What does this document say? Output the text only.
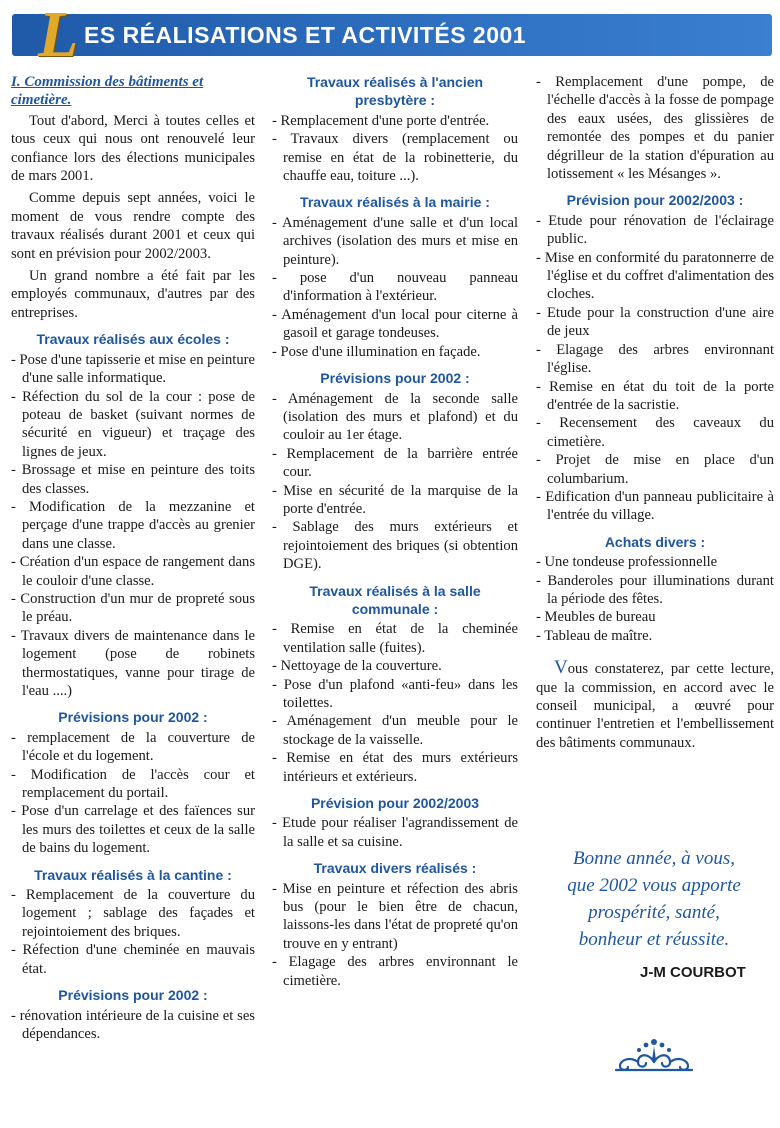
L ES RÉALISATIONS ET ACTIVITÉS 2001
I. Commission des bâtiments et cimetière.

Tout d'abord, Merci à toutes celles et tous ceux qui nous ont renouvelé leur confiance lors des élections municipales de mars 2001.

Comme depuis sept années, voici le moment de vous rendre compte des travaux réalisés durant 2001 et ceux qui sont en prévision pour 2002/2003.

Un grand nombre a été fait par les employés communaux, d'autres par des entreprises.

Travaux réalisés aux écoles :
- Pose d'une tapisserie et mise en peinture d'une salle informatique.
- Réfection du sol de la cour : pose de poteau de basket (suivant normes de sécurité en vigueur) et traçage des lignes de jeux.
- Brossage et mise en peinture des toits des classes.
- Modification de la mezzanine et perçage d'une trappe d'accès au grenier dans une classe.
- Création d'un espace de rangement dans le couloir d'une classe.
- Construction d'un mur de propreté sous le préau.
- Travaux divers de maintenance dans le logement (pose de robinets thermostatiques, vanne pour tirage de l'eau ....)
Prévisions pour 2002 :
- remplacement de la couverture de l'école et du logement.
- Modification de l'accès cour et remplacement du portail.
- Pose d'un carrelage et des faïences sur les murs des toilettes et ceux de la salle de bains du logement.
Travaux réalisés à la cantine :
- Remplacement de la couverture du logement ; sablage des façades et rejointoiement des briques.
- Réfection d'une cheminée en mauvais état.
Prévisions pour 2002 :
- rénovation intérieure de la cuisine et ses dépendances.
Travaux réalisés à l'ancien presbytère :
- Remplacement d'une porte d'entrée.
- Travaux divers (remplacement ou remise en état de la robinetterie, du chauffe eau, toiture ...).
Travaux réalisés à la mairie :
- Aménagement d'une salle et d'un local archives (isolation des murs et mise en peinture).
- pose d'un nouveau panneau d'information à l'extérieur.
- Aménagement d'un local pour citerne à gasoil et garage tondeuses.
- Pose d'une illumination en façade.
Prévisions pour 2002 :
- Aménagement de la seconde salle (isolation des murs et plafond) et du couloir au 1er étage.
- Remplacement de la barrière entrée cour.
- Mise en sécurité de la marquise de la porte d'entrée.
- Sablage des murs extérieurs et rejointoiement des briques (si obtention DGE).
Travaux réalisés à la salle communale :
- Remise en état de la cheminée ventilation salle (fuites).
- Nettoyage de la couverture.
- Pose d'un plafond «anti-feu» dans les toilettes.
- Aménagement d'un meuble pour le stockage de la vaisselle.
- Remise en état des murs extérieurs intérieurs et extérieurs.
Prévision pour 2002/2003
- Etude pour réaliser l'agrandissement de la salle et sa cuisine.
Travaux divers réalisés :
- Mise en peinture et réfection des abris bus (pour le bien être de chacun, laissons-les dans l'état de propreté qu'on trouve en y entrant)
- Elagage des arbres environnant le cimetière.
- Remplacement d'une pompe, de l'échelle d'accès à la fosse de pompage des eaux usées, des glissières de remontée des pompes et du panier dégrilleur de la station d'épuration au lotissement « les Mésanges ».
Prévision pour 2002/2003 :
- Etude pour rénovation de l'éclairage public.
- Mise en conformité du paratonnerre de l'église et du coffret d'alimentation des cloches.
- Etude pour la construction d'une aire de jeux
- Elagage des arbres environnant l'église.
- Remise en état du toit de la porte d'entrée de la sacristie.
- Recensement des caveaux du cimetière.
- Projet de mise en place d'un columbarium.
- Edification d'un panneau publicitaire à l'entrée du village.
Achats divers :
- Une tondeuse professionnelle
- Banderoles pour illuminations durant la période des fêtes.
- Meubles de bureau
- Tableau de maître.

Vous constaterez, par cette lecture, que la commission, en accord avec le conseil municipal, a œuvré pour continuer l'entretien et l'embellissement des bâtiments communaux.

Bonne année, à vous,
que 2002 vous apporte
prospérité, santé,
bonheur et réussite.
J-M COURBOT
